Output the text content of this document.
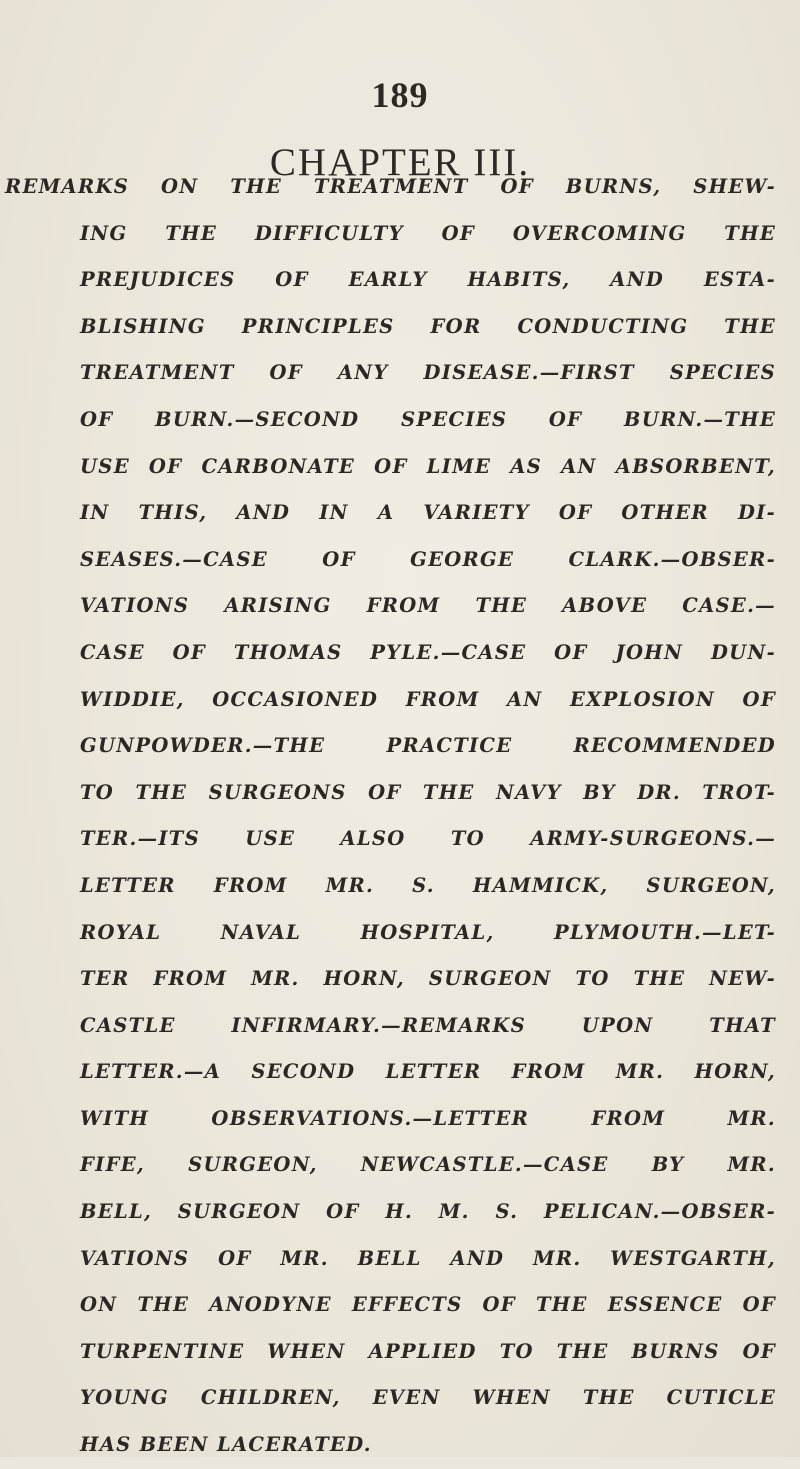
189
CHAPTER III.
REMARKS ON THE TREATMENT OF BURNS, SHEW-
ING THE DIFFICULTY OF OVERCOMING THE
PREJUDICES OF EARLY HABITS, AND ESTA-
BLISHING PRINCIPLES FOR CONDUCTING THE
TREATMENT OF ANY DISEASE.—FIRST SPECIES
OF BURN.—SECOND SPECIES OF BURN.—THE
USE OF CARBONATE OF LIME AS AN ABSORBENT,
IN THIS, AND IN A VARIETY OF OTHER DI-
SEASES.—CASE OF GEORGE CLARK.—OBSER-
VATIONS ARISING FROM THE ABOVE CASE.—
CASE OF THOMAS PYLE.—CASE OF JOHN DUN-
WIDDIE, OCCASIONED FROM AN EXPLOSION OF
GUNPOWDER.—THE PRACTICE RECOMMENDED
TO THE SURGEONS OF THE NAVY BY DR. TROT-
TER.—ITS USE ALSO TO ARMY-SURGEONS.—
LETTER FROM MR. S. HAMMICK, SURGEON,
ROYAL NAVAL HOSPITAL, PLYMOUTH.—LET-
TER FROM MR. HORN, SURGEON TO THE NEW-
CASTLE INFIRMARY.—REMARKS UPON THAT
LETTER.—A SECOND LETTER FROM MR. HORN,
WITH OBSERVATIONS.—LETTER FROM MR.
FIFE, SURGEON, NEWCASTLE.—CASE BY MR.
BELL, SURGEON OF H. M. S. PELICAN.—OBSER-
VATIONS OF MR. BELL AND MR. WESTGARTH,
ON THE ANODYNE EFFECTS OF THE ESSENCE OF
TURPENTINE WHEN APPLIED TO THE BURNS OF
YOUNG CHILDREN, EVEN WHEN THE CUTICLE
HAS BEEN LACERATED.
